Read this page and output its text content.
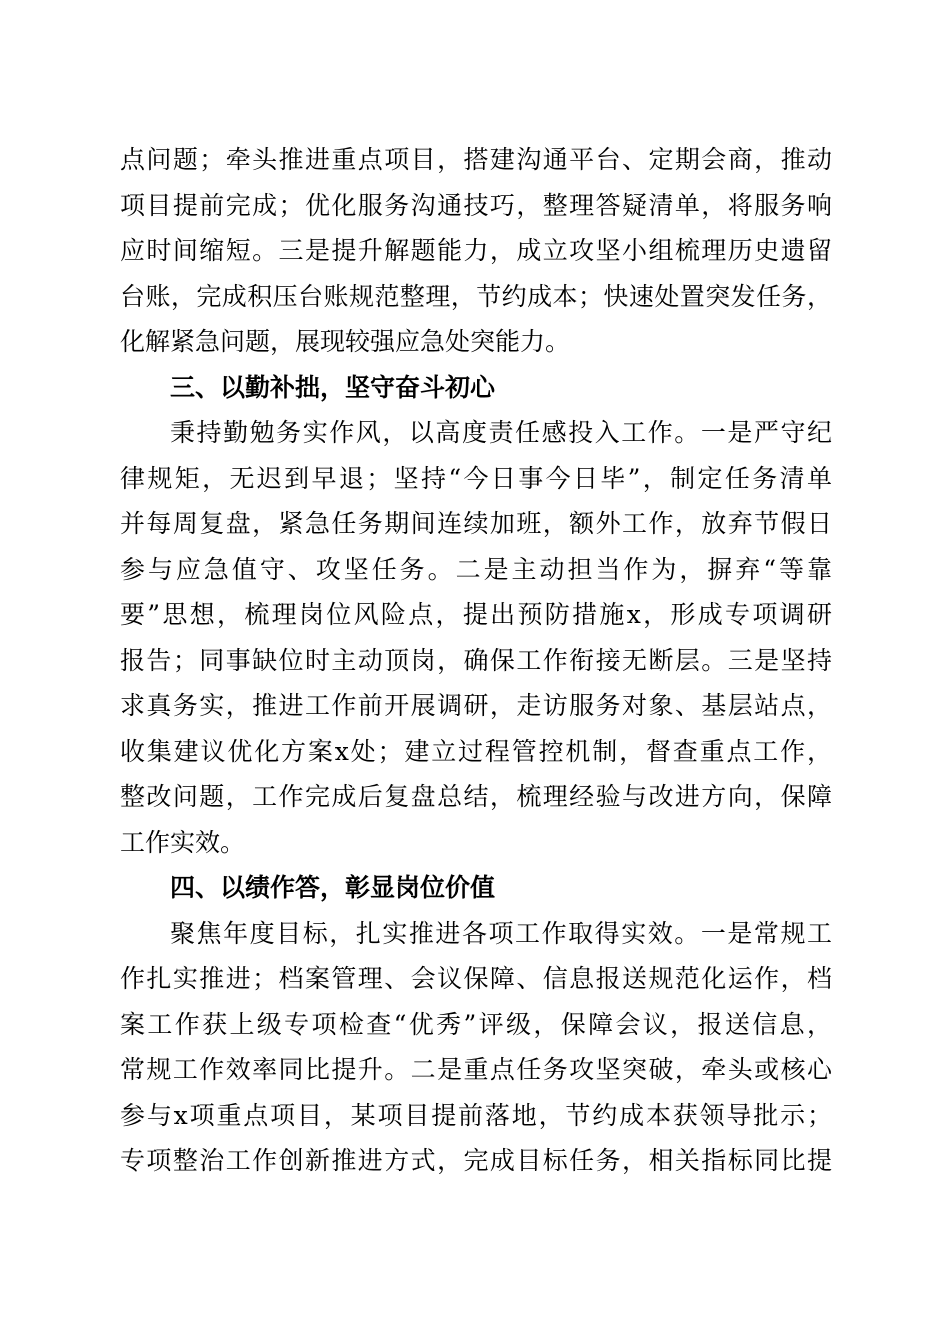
点问题；牵头推进重点项目，搭建沟通平台、定期会商，推动
项目提前完成；优化服务沟通技巧，整理答疑清单，将服务响
应时间缩短。三是提升解题能力，成立攻坚小组梳理历史遗留
台账，完成积压台账规范整理，节约成本；快速处置突发任务，
化解紧急问题，展现较强应急处突能力。
三、以勤补拙，坚守奋斗初心
秉持勤勉务实作风，以高度责任感投入工作。一是严守纪
律规矩，无迟到早退；坚持“今日事今日毕”，制定任务清单
并每周复盘，紧急任务期间连续加班，额外工作，放弃节假日
参与应急值守、攻坚任务。二是主动担当作为，摒弃“等靠
要”思想，梳理岗位风险点，提出预防措施x，形成专项调研
报告；同事缺位时主动顶岗，确保工作衔接无断层。三是坚持
求真务实，推进工作前开展调研，走访服务对象、基层站点，
收集建议优化方案x处；建立过程管控机制，督查重点工作，
整改问题，工作完成后复盘总结，梳理经验与改进方向，保障
工作实效。
四、以绩作答，彰显岗位价值
聚焦年度目标，扎实推进各项工作取得实效。一是常规工
作扎实推进；档案管理、会议保障、信息报送规范化运作，档
案工作获上级专项检查“优秀”评级，保障会议，报送信息，
常规工作效率同比提升。二是重点任务攻坚突破，牵头或核心
参与x项重点项目，某项目提前落地，节约成本获领导批示；
专项整治工作创新推进方式，完成目标任务，相关指标同比提
